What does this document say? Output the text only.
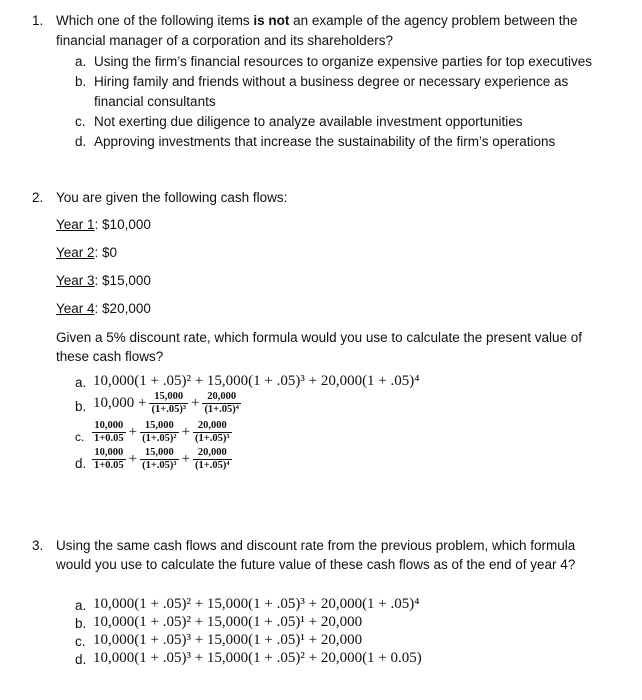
1. Which one of the following items is not an example of the agency problem between the
financial manager of a corporation and its shareholders?
a. Using the firm’s financial resources to organize expensive parties for top executives
b. Hiring family and friends without a business degree or necessary experience as
financial consultants
c. Not exerting due diligence to analyze available investment opportunities
d. Approving investments that increase the sustainability of the firm’s operations
2. You are given the following cash flows:
Year 1: $10,000
Year 2: $0
Year 3: $15,000
Year 4: $20,000
Given a 5% discount rate, which formula would you use to calculate the present value of
these cash flows?
a. 10,000(1 + .05)² + 15,000(1 + .05)³ + 20,000(1 + .05)⁴
b. $10,000 + \frac{15,000}{\text{(1+.05)³}} + \frac{20,000}{\text{(1+.05)⁴}}$
c. $\frac{10,000}{1+0.05} + \frac{15,000}{\text{(1+.05)²}} + \frac{20,000}{\text{(1+.05)³}}$
d. $\frac{10,000}{1+0.05} + \frac{15,000}{\text{(1+.05)³}} + \frac{20,000}{\text{(1+.05)⁴}}$
3. Using the same cash flows and discount rate from the previous problem, which formula
would you use to calculate the future value of these cash flows as of the end of year 4?
a. 10,000(1 + .05)² + 15,000(1 + .05)³ + 20,000(1 + .05)⁴
b. 10,000(1 + .05)² + 15,000(1 + .05)¹ + 20,000
c. 10,000(1 + .05)³ + 15,000(1 + .05)¹ + 20,000
d. 10,000(1 + .05)³ + 15,000(1 + .05)² + 20,000(1 + 0.05)
